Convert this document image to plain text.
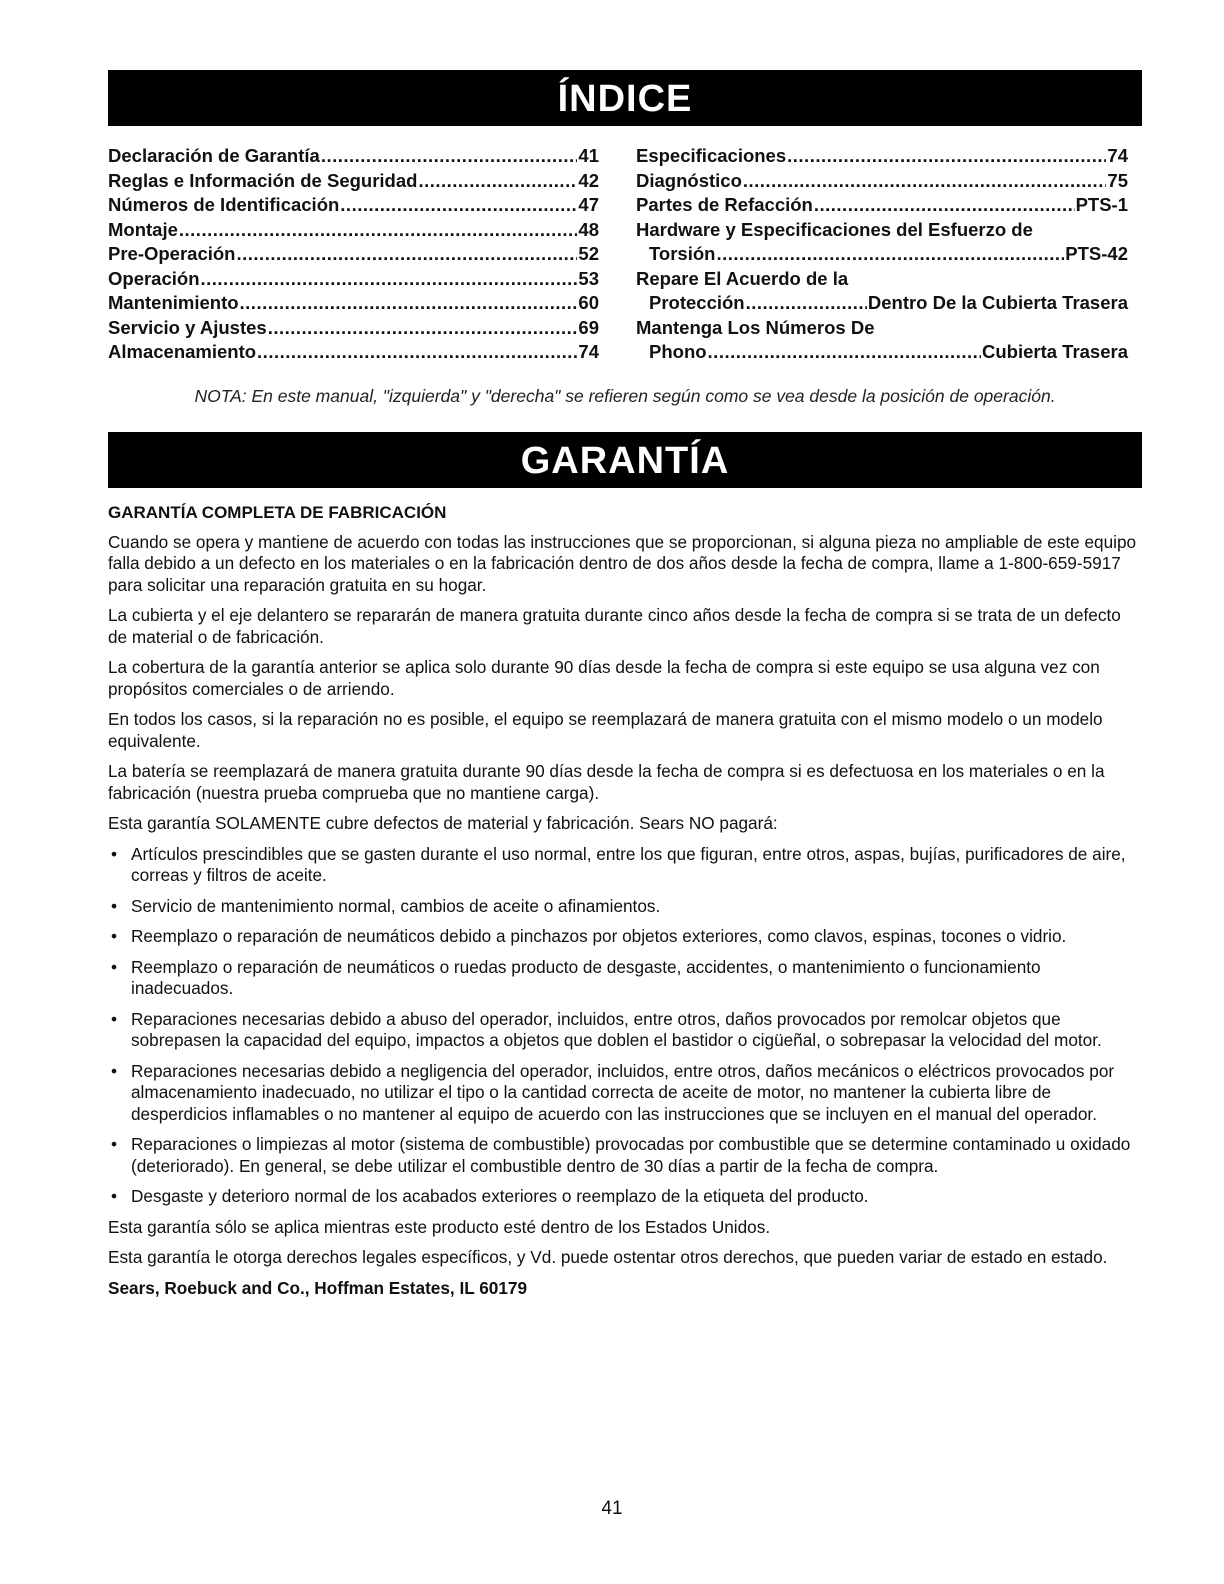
ÍNDICE
Declaración de Garantía .....	41
Reglas e Información de Seguridad .....	42
Números de Identificación .....	47
Montaje .....	48
Pre-Operación .....	52
Operación .....	53
Mantenimiento .....	60
Servicio y Ajustes .....	69
Almacenamiento .....	74
Especificaciones .....	74
Diagnóstico .....	75
Partes de Refacción .....	PTS-1
Hardware y Especificaciones del Esfuerzo de
Torsión .....	PTS-42
Repare El Acuerdo de la
Protección .....	Dentro De la Cubierta Trasera
Mantenga Los Números De
Phono .....	Cubierta Trasera
NOTA: En este manual, "izquierda" y "derecha" se refieren según como se vea desde la posición de operación.
GARANTÍA
GARANTÍA COMPLETA DE FABRICACIÓN

Cuando se opera y mantiene de acuerdo con todas las instrucciones que se proporcionan, si alguna pieza no ampliable de este equipo falla debido a un defecto en los materiales o en la fabricación dentro de dos años desde la fecha de compra, llame a 1-800-659-5917 para solicitar una reparación gratuita en su hogar.

La cubierta y el eje delantero se repararán de manera gratuita durante cinco años desde la fecha de compra si se trata de un defecto de material o de fabricación.

La cobertura de la garantía anterior se aplica solo durante 90 días desde la fecha de compra si este equipo se usa alguna vez con propósitos comerciales o de arriendo.

En todos los casos, si la reparación no es posible, el equipo se reemplazará de manera gratuita con el mismo modelo o un modelo equivalente.

La batería se reemplazará de manera gratuita durante 90 días desde la fecha de compra si es defectuosa en los materiales o en la fabricación (nuestra prueba comprueba que no mantiene carga).

Esta garantía SOLAMENTE cubre defectos de material y fabricación. Sears NO pagará:

• Artículos prescindibles que se gasten durante el uso normal, entre los que figuran, entre otros, aspas, bujías, purificadores de aire, correas y filtros de aceite.
• Servicio de mantenimiento normal, cambios de aceite o afinamientos.
• Reemplazo o reparación de neumáticos debido a pinchazos por objetos exteriores, como clavos, espinas, tocones o vidrio.
• Reemplazo o reparación de neumáticos o ruedas producto de desgaste, accidentes, o mantenimiento o funcionamiento inadecuados.
• Reparaciones necesarias debido a abuso del operador, incluidos, entre otros, daños provocados por remolcar objetos que sobrepasen la capacidad del equipo, impactos a objetos que doblen el bastidor o cigüeñal, o sobrepasar la velocidad del motor.
• Reparaciones necesarias debido a negligencia del operador, incluidos, entre otros, daños mecánicos o eléctricos provocados por almacenamiento inadecuado, no utilizar el tipo o la cantidad correcta de aceite de motor, no mantener la cubierta libre de desperdicios inflamables o no mantener al equipo de acuerdo con las instrucciones que se incluyen en el manual del operador.
• Reparaciones o limpiezas al motor (sistema de combustible) provocadas por combustible que se determine contaminado u oxidado (deteriorado). En general, se debe utilizar el combustible dentro de 30 días a partir de la fecha de compra.
• Desgaste y deterioro normal de los acabados exteriores o reemplazo de la etiqueta del producto.

Esta garantía sólo se aplica mientras este producto esté dentro de los Estados Unidos.

Esta garantía le otorga derechos legales específicos, y Vd. puede ostentar otros derechos, que pueden variar de estado en estado.

Sears, Roebuck and Co., Hoffman Estates, IL 60179

41
